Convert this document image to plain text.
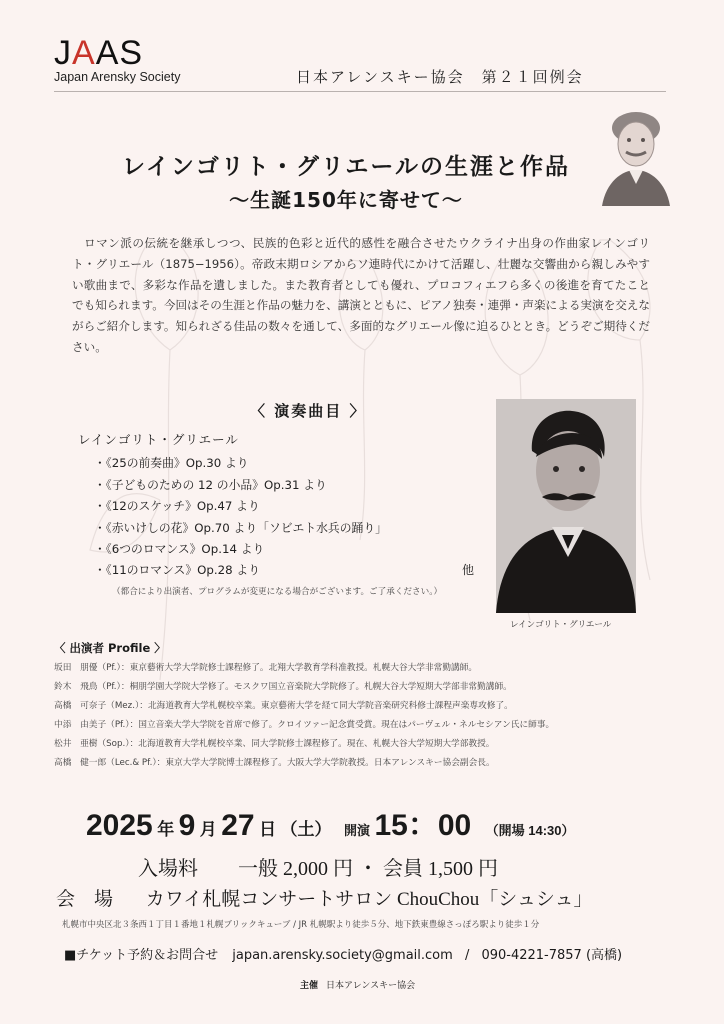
JAAS
Japan Arensky Society	日本アレンスキー協会　第２１回例会
レインゴリト・グリエールの生涯と作品
〜生誕150年に寄せて〜
ロマン派の伝統を継承しつつ、民族的色彩と近代的感性を融合させたウクライナ出身の作曲家レインゴリト・グリエール（1875−1956）。帝政末期ロシアからソ連時代にかけて活躍し、壮麗な交響曲から親しみやすい歌曲まで、多彩な作品を遺しました。また教育者としても優れ、プロコフィエフら多くの後進を育てたことでも知られます。今回はその生涯と作品の魅力を、講演とともに、ピアノ独奏・連弾・声楽による実演を交えながらご紹介します。知られざる佳品の数々を通して、多面的なグリエール像に迫るひととき。どうぞご期待ください。
〈 演奏曲目 〉
レインゴリト・グリエール
・《25の前奏曲》Op.30 より
・《子どものための 12 の小品》Op.31 より
・《12のスケッチ》Op.47 より
・《赤いけしの花》Op.70 より「ソビエト水兵の踊り」
・《6つのロマンス》Op.14 より
・《11のロマンス》Op.28 より	他
（都合により出演者、プログラムが変更になる場合がございます。ご了承ください。）
レインゴリト・グリエール
〈 出演者 Profile 〉
坂田　朋優（Pf.）：東京藝術大学大学院修士課程修了。北翔大学教育学科准教授。札幌大谷大学非常勤講師。
鈴木　飛鳥（Pf.）：桐朋学園大学院大学修了。モスクワ国立音楽院大学院修了。札幌大谷大学短期大学部非常勤講師。
高橋　可奈子（Mez.）：北海道教育大学札幌校卒業。東京藝術大学を経て同大学院音楽研究科修士課程声楽専攻修了。
中添　由美子（Pf.）：国立音楽大学大学院を首席で修了。クロイツァー記念賞受賞。現在はパーヴェル・ネルセシアン氏に師事。
松井　亜樹（Sop.）：北海道教育大学札幌校卒業、同大学院修士課程修了。現在、札幌大谷大学短期大学部教授。
高橋　健一郎（Lec.& Pf.）：東京大学大学院博士課程修了。大阪大学大学院教授。日本アレンスキー協会副会長。
2025 年 9 月 27 日 （土） 開演 15：00 （開場 14:30）
入場料　　一般 2,000 円 ・ 会員 1,500 円
会　場 カワイ札幌コンサートサロン ChouChou「シュシュ」
札幌市中央区北３条西１丁目１番地１札幌ブリックキューブ / JR 札幌駅より徒歩５分、地下鉄東豊線さっぽろ駅より徒歩１分
■チケット予約＆お問合せ japan.arensky.society@gmail.com / 090-4221-7857 (高橋)
主催 日本アレンスキー協会
